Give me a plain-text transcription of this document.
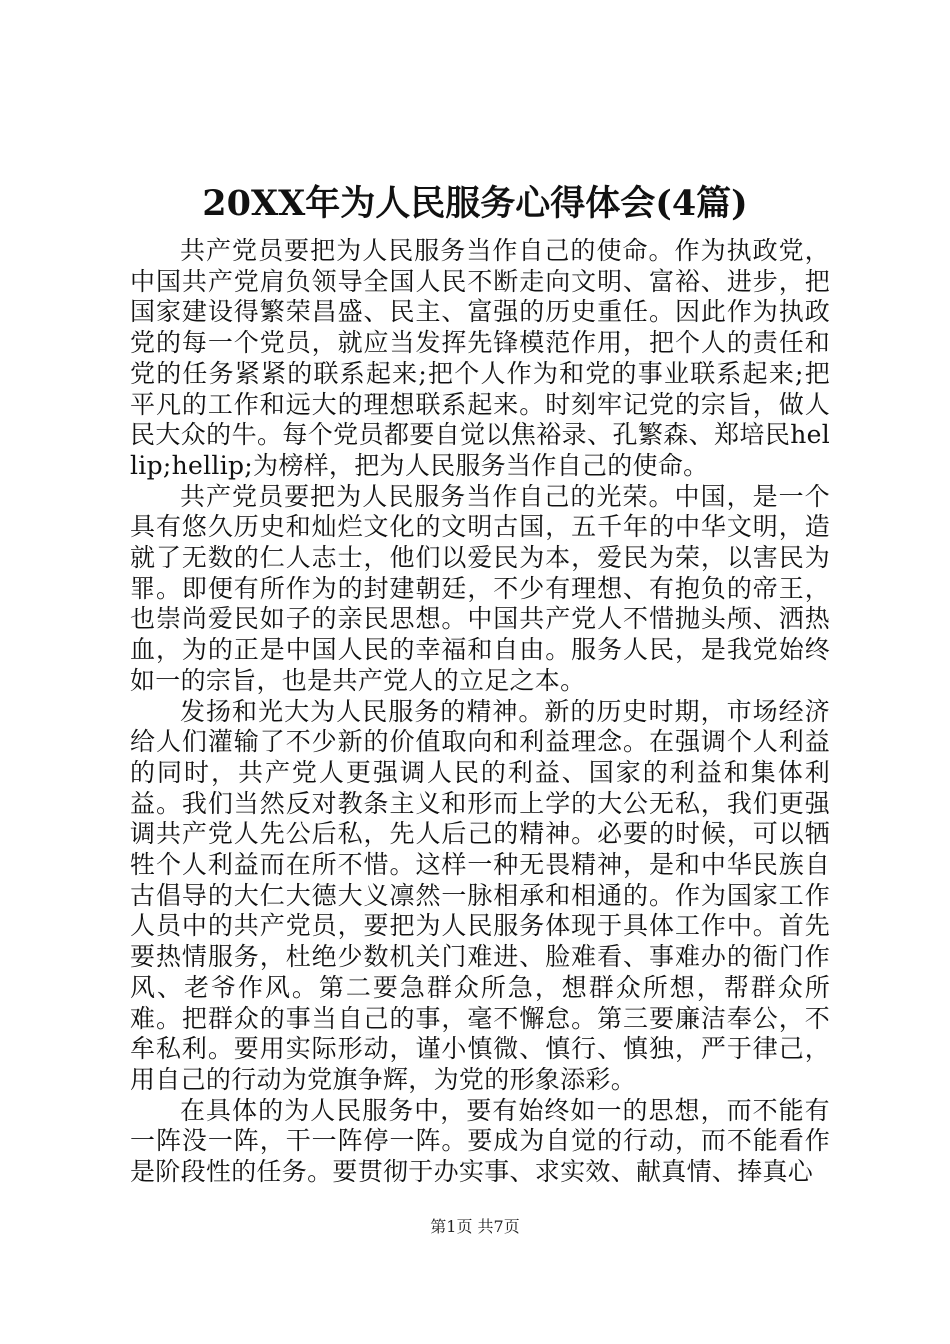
20XX年为人民服务心得体会(4篇)

共产党员要把为人民服务当作自己的使命。作为执政党，中国共产党肩负领导全国人民不断走向文明、富裕、进步，把国家建设得繁荣昌盛、民主、富强的历史重任。因此作为执政党的每一个党员，就应当发挥先锋模范作用，把个人的责任和党的任务紧紧的联系起来;把个人作为和党的事业联系起来;把平凡的工作和远大的理想联系起来。时刻牢记党的宗旨，做人民大众的牛。每个党员都要自觉以焦裕录、孔繁森、郑培民hellip;hellip;为榜样，把为人民服务当作自己的使命。

共产党员要把为人民服务当作自己的光荣。中国，是一个具有悠久历史和灿烂文化的文明古国，五千年的中华文明，造就了无数的仁人志士，他们以爱民为本，爱民为荣，以害民为罪。即便有所作为的封建朝廷，不少有理想、有抱负的帝王，也崇尚爱民如子的亲民思想。中国共产党人不惜抛头颅、洒热血，为的正是中国人民的幸福和自由。服务人民，是我党始终如一的宗旨，也是共产党人的立足之本。

发扬和光大为人民服务的精神。新的历史时期，市场经济给人们灌输了不少新的价值取向和利益理念。在强调个人利益的同时，共产党人更强调人民的利益、国家的利益和集体利益。我们当然反对教条主义和形而上学的大公无私，我们更强调共产党人先公后私，先人后己的精神。必要的时候，可以牺牲个人利益而在所不惜。这样一种无畏精神，是和中华民族自古倡导的大仁大德大义凛然一脉相承和相通的。作为国家工作人员中的共产党员，要把为人民服务体现于具体工作中。首先要热情服务，杜绝少数机关门难进、脸难看、事难办的衙门作风、老爷作风。第二要急群众所急，想群众所想，帮群众所难。把群众的事当自己的事，毫不懈怠。第三要廉洁奉公，不牟私利。要用实际形动，谨小慎微、慎行、慎独，严于律己，用自己的行动为党旗争辉，为党的形象添彩。

在具体的为人民服务中，要有始终如一的思想，而不能有一阵没一阵，干一阵停一阵。要成为自觉的行动，而不能看作是阶段性的任务。要贯彻于办实事、求实效、献真情、捧真心

第1页 共7页
